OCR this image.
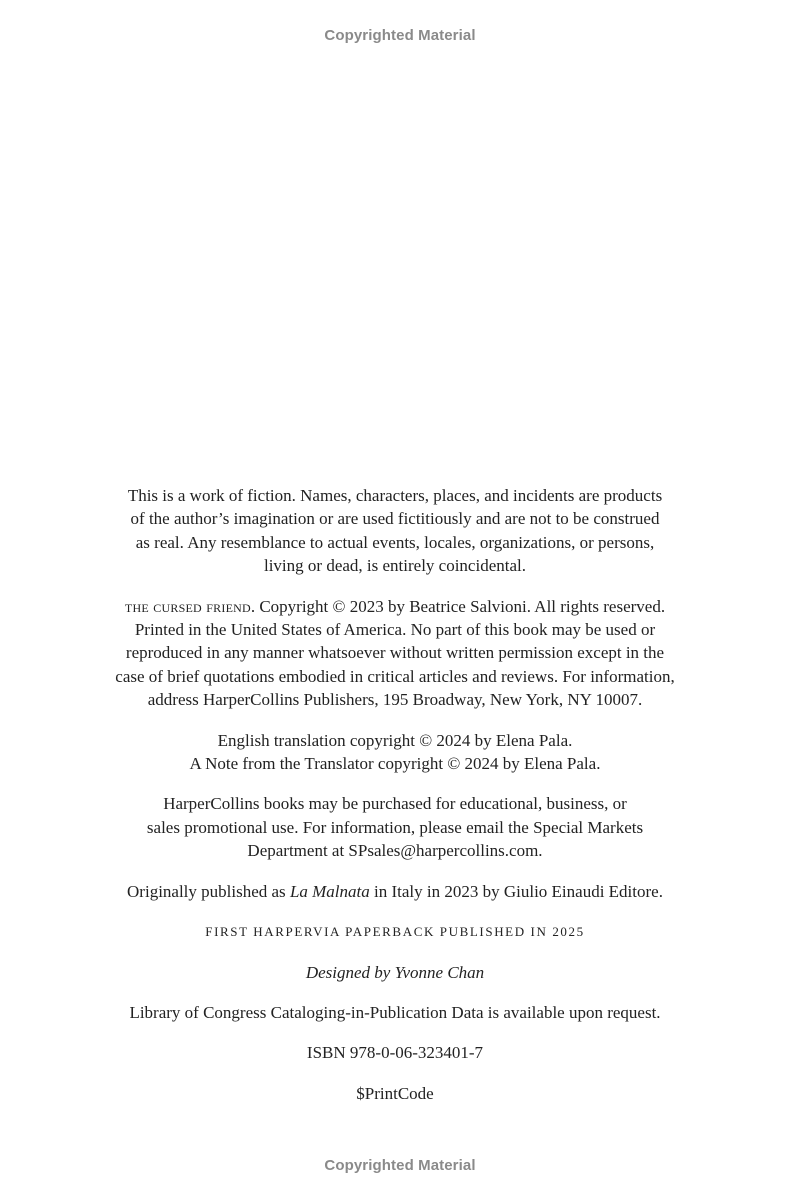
Copyrighted Material

This is a work of fiction. Names, characters, places, and incidents are products
of the author’s imagination or are used fictitiously and are not to be construed
as real. Any resemblance to actual events, locales, organizations, or persons,
living or dead, is entirely coincidental.

the cursed friend. Copyright © 2023 by Beatrice Salvioni. All rights reserved.
Printed in the United States of America. No part of this book may be used or
reproduced in any manner whatsoever without written permission except in the
case of brief quotations embodied in critical articles and reviews. For information,
address HarperCollins Publishers, 195 Broadway, New York, NY 10007.

English translation copyright © 2024 by Elena Pala.
A Note from the Translator copyright © 2024 by Elena Pala.

HarperCollins books may be purchased for educational, business, or
sales promotional use. For information, please email the Special Markets
Department at SPsales@harpercollins.com.

Originally published as La Malnata in Italy in 2023 by Giulio Einaudi Editore.

FIRST HARPERVIA PAPERBACK PUBLISHED IN 2025

Designed by Yvonne Chan

Library of Congress Cataloging-in-Publication Data is available upon request.

ISBN 978-0-06-323401-7

$PrintCode

Copyrighted Material
